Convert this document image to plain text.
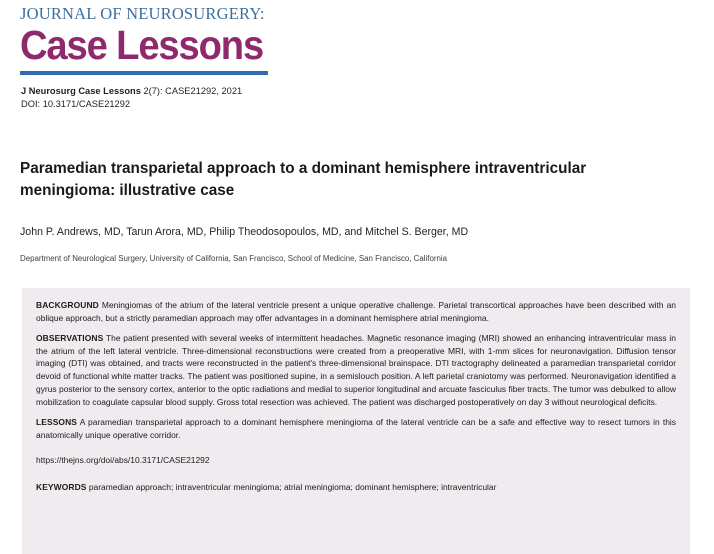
JOURNAL OF NEUROSURGERY:
Case Lessons
J Neurosurg Case Lessons 2(7): CASE21292, 2021
DOI: 10.3171/CASE21292
Paramedian transparietal approach to a dominant hemisphere intraventricular meningioma: illustrative case
John P. Andrews, MD, Tarun Arora, MD, Philip Theodosopoulos, MD, and Mitchel S. Berger, MD
Department of Neurological Surgery, University of California, San Francisco, School of Medicine, San Francisco, California

BACKGROUND Meningiomas of the atrium of the lateral ventricle present a unique operative challenge. Parietal transcortical approaches have been described with an oblique approach, but a strictly paramedian approach may offer advantages in a dominant hemisphere atrial meningioma.

OBSERVATIONS The patient presented with several weeks of intermittent headaches. Magnetic resonance imaging (MRI) showed an enhancing intraventricular mass in the atrium of the left lateral ventricle. Three-dimensional reconstructions were created from a preoperative MRI, with 1-mm slices for neuronavigation. Diffusion tensor imaging (DTI) was obtained, and tracts were reconstructed in the patient's three-dimensional brainspace. DTI tractography delineated a paramedian transparietal corridor devoid of functional white matter tracks. The patient was positioned supine, in a semislouch position. A left parietal craniotomy was performed. Neuronavigation identified a gyrus posterior to the sensory cortex, anterior to the optic radiations and medial to superior longitudinal and arcuate fasciculus fiber tracts. The tumor was debulked to allow mobilization to coagulate capsular blood supply. Gross total resection was achieved. The patient was discharged postoperatively on day 3 without neurological deficits.

LESSONS A paramedian transparietal approach to a dominant hemisphere meningioma of the lateral ventricle can be a safe and effective way to resect tumors in this anatomically unique operative corridor.

https://thejns.org/doi/abs/10.3171/CASE21292

KEYWORDS paramedian approach; intraventricular meningioma; atrial meningioma; dominant hemisphere; intraventricular
